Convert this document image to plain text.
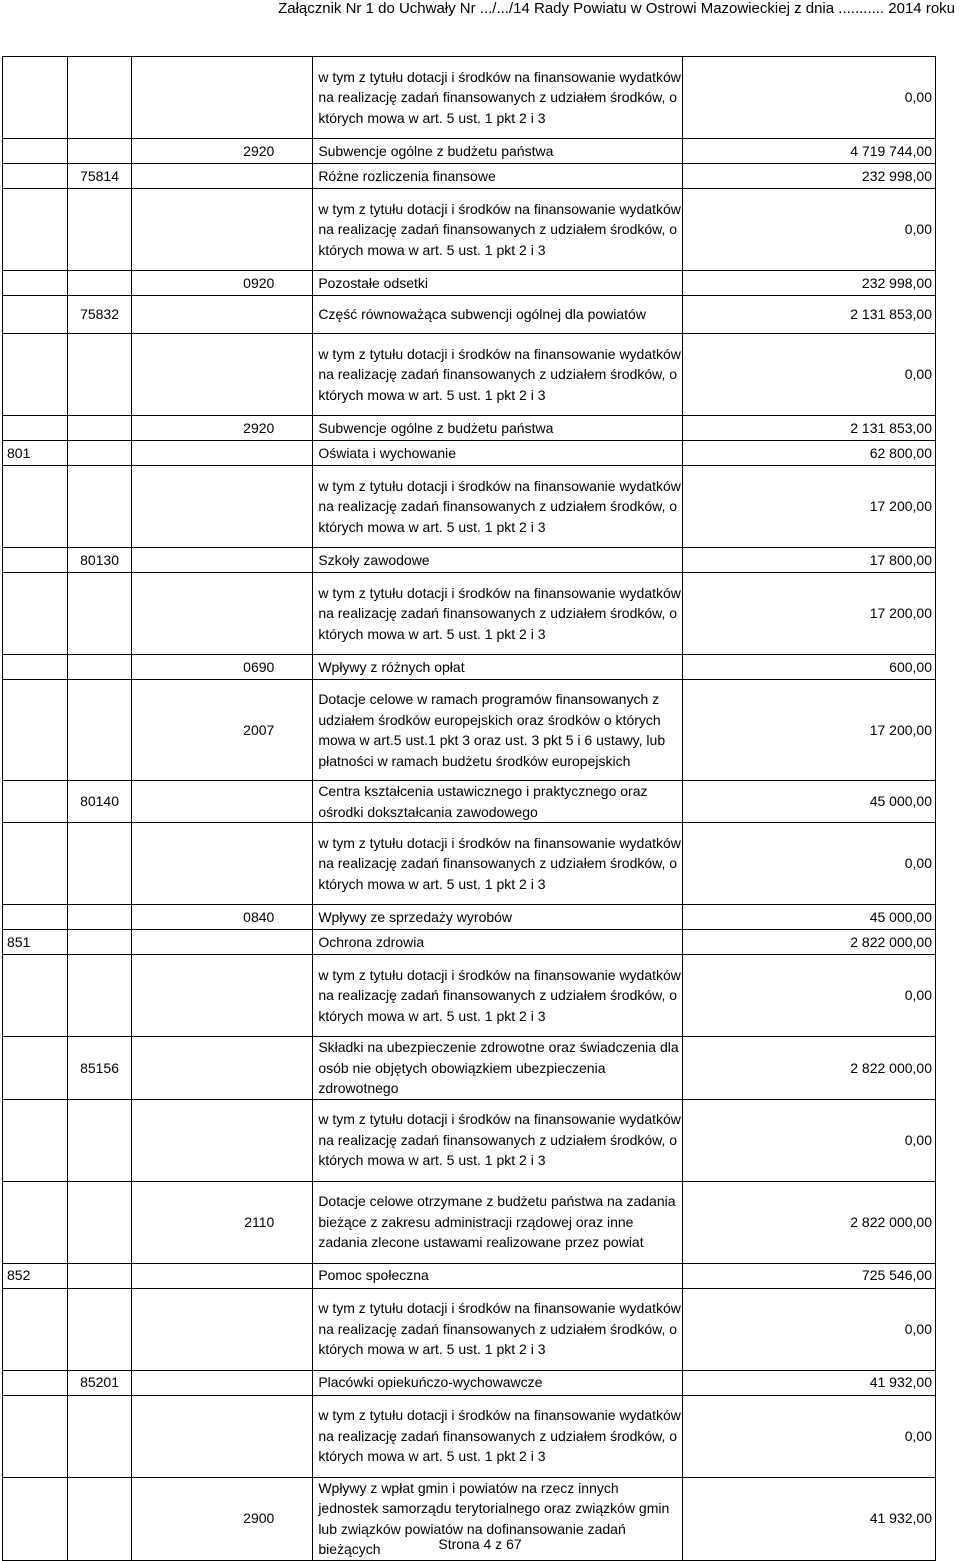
Załącznik Nr 1 do Uchwały Nr .../.../14 Rady Powiatu w Ostrowi Mazowieckiej z dnia ........... 2014 roku
			w tym z tytułu dotacji i środków na finansowanie wydatków na realizację zadań finansowanych z udziałem środków, o których mowa w art. 5 ust. 1 pkt 2 i 3	0,00
		2920	Subwencje ogólne z budżetu państwa	4 719 744,00
	75814		Różne rozliczenia finansowe	232 998,00
			w tym z tytułu dotacji i środków na finansowanie wydatków na realizację zadań finansowanych z udziałem środków, o których mowa w art. 5 ust. 1 pkt 2 i 3	0,00
		0920	Pozostałe odsetki	232 998,00
	75832		Część równoważąca subwencji ogólnej dla powiatów	2 131 853,00
			w tym z tytułu dotacji i środków na finansowanie wydatków na realizację zadań finansowanych z udziałem środków, o których mowa w art. 5 ust. 1 pkt 2 i 3	0,00
		2920	Subwencje ogólne z budżetu państwa	2 131 853,00
801			Oświata i wychowanie	62 800,00
			w tym z tytułu dotacji i środków na finansowanie wydatków na realizację zadań finansowanych z udziałem środków, o których mowa w art. 5 ust. 1 pkt 2 i 3	17 200,00
	80130		Szkoły zawodowe	17 800,00
			w tym z tytułu dotacji i środków na finansowanie wydatków na realizację zadań finansowanych z udziałem środków, o których mowa w art. 5 ust. 1 pkt 2 i 3	17 200,00
		0690	Wpływy z różnych opłat	600,00
		2007	Dotacje celowe w ramach programów finansowanych z udziałem środków europejskich oraz środków o których mowa w art.5 ust.1 pkt 3 oraz ust. 3 pkt 5 i 6 ustawy, lub płatności w ramach budżetu środków europejskich	17 200,00
	80140		Centra kształcenia ustawicznego i praktycznego oraz ośrodki dokształcania zawodowego	45 000,00
			w tym z tytułu dotacji i środków na finansowanie wydatków na realizację zadań finansowanych z udziałem środków, o których mowa w art. 5 ust. 1 pkt 2 i 3	0,00
		0840	Wpływy ze sprzedaży wyrobów	45 000,00
851			Ochrona zdrowia	2 822 000,00
			w tym z tytułu dotacji i środków na finansowanie wydatków na realizację zadań finansowanych z udziałem środków, o których mowa w art. 5 ust. 1 pkt 2 i 3	0,00
	85156		Składki na ubezpieczenie zdrowotne oraz świadczenia dla osób nie objętych obowiązkiem ubezpieczenia zdrowotnego	2 822 000,00
			w tym z tytułu dotacji i środków na finansowanie wydatków na realizację zadań finansowanych z udziałem środków, o których mowa w art. 5 ust. 1 pkt 2 i 3	0,00
		2110	Dotacje celowe otrzymane z budżetu państwa na zadania bieżące z zakresu administracji rządowej oraz inne zadania zlecone ustawami realizowane przez powiat	2 822 000,00
852			Pomoc społeczna	725 546,00
			w tym z tytułu dotacji i środków na finansowanie wydatków na realizację zadań finansowanych z udziałem środków, o których mowa w art. 5 ust. 1 pkt 2 i 3	0,00
	85201		Placówki opiekuńczo-wychowawcze	41 932,00
			w tym z tytułu dotacji i środków na finansowanie wydatków na realizację zadań finansowanych z udziałem środków, o których mowa w art. 5 ust. 1 pkt 2 i 3	0,00
		2900	Wpływy z wpłat gmin i powiatów na rzecz innych jednostek samorządu terytorialnego oraz związków gmin lub związków powiatów na dofinansowanie zadań bieżących	41 932,00
Strona 4 z 67
